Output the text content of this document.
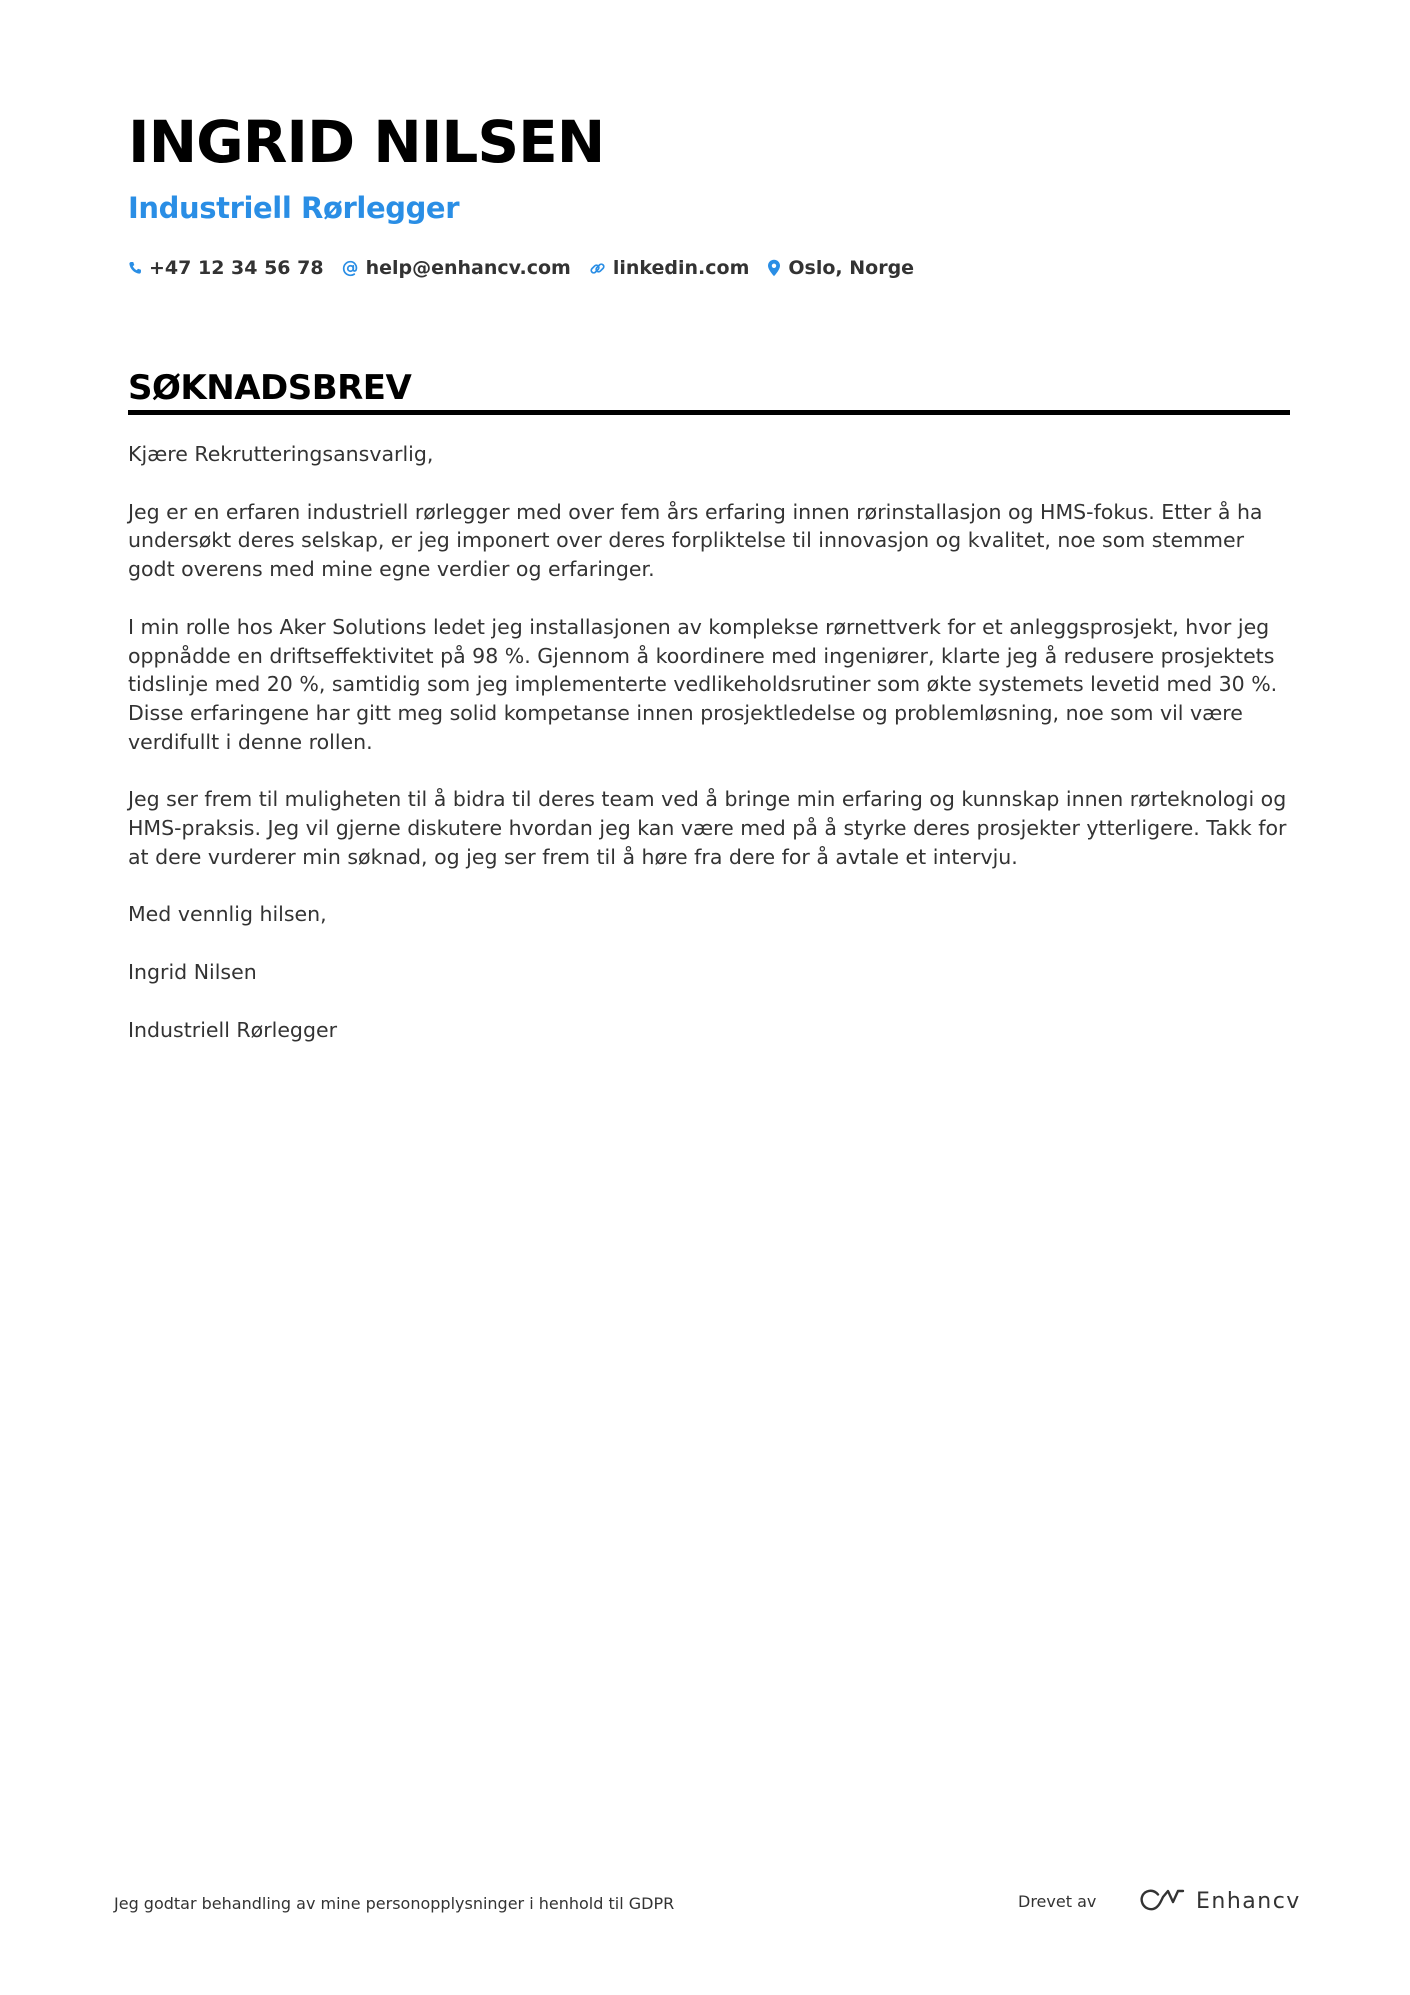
INGRID NILSEN
Industriell Rørlegger
+47 12 34 56 78 help@enhancv.com linkedin.com Oslo, Norge
SØKNADSBREV

Kjære Rekrutteringsansvarlig,

Jeg er en erfaren industriell rørlegger med over fem års erfaring innen rørinstallasjon og HMS-fokus. Etter å ha undersøkt deres selskap, er jeg imponert over deres forpliktelse til innovasjon og kvalitet, noe som stemmer godt overens med mine egne verdier og erfaringer.

I min rolle hos Aker Solutions ledet jeg installasjonen av komplekse rørnettverk for et anleggsprosjekt, hvor jeg oppnådde en driftseffektivitet på 98 %. Gjennom å koordinere med ingeniører, klarte jeg å redusere prosjektets tidslinje med 20 %, samtidig som jeg implementerte vedlikeholdsrutiner som økte systemets levetid med 30 %. Disse erfaringene har gitt meg solid kompetanse innen prosjektledelse og problemløsning, noe som vil være verdifullt i denne rollen.

Jeg ser frem til muligheten til å bidra til deres team ved å bringe min erfaring og kunnskap innen rørteknologi og HMS-praksis. Jeg vil gjerne diskutere hvordan jeg kan være med på å styrke deres prosjekter ytterligere. Takk for at dere vurderer min søknad, og jeg ser frem til å høre fra dere for å avtale et intervju.

Med vennlig hilsen,

Ingrid Nilsen

Industriell Rørlegger

Jeg godtar behandling av mine personopplysninger i henhold til GDPR	Drevet av	Enhancv
